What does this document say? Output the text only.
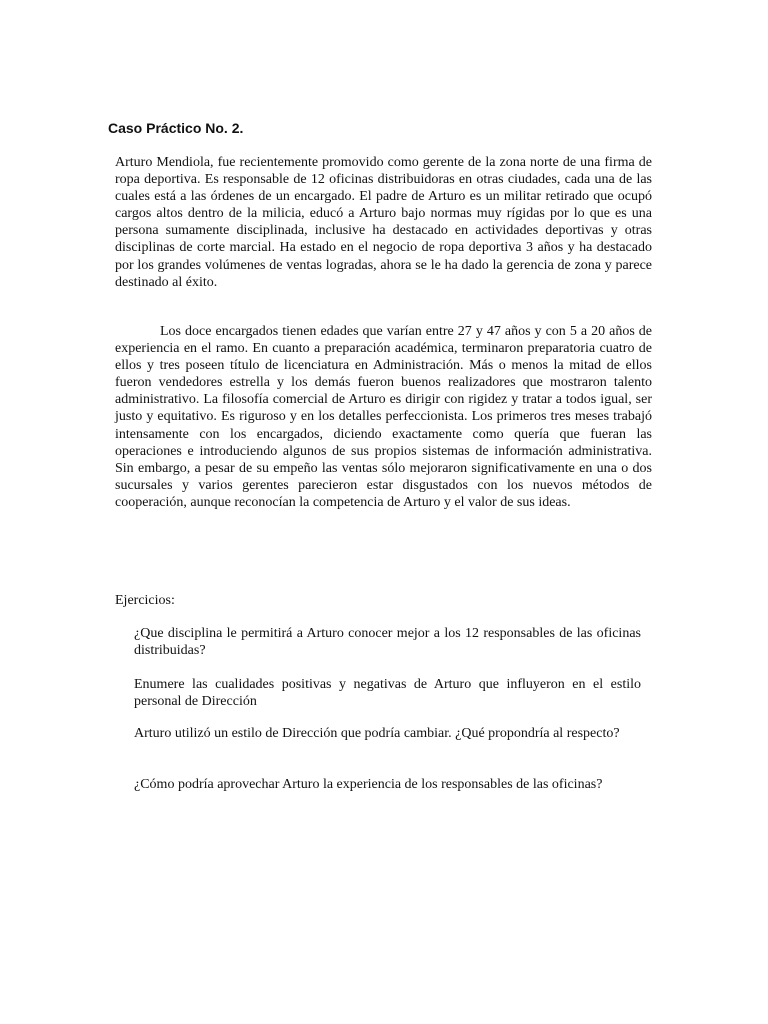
Caso Práctico No. 2.

Arturo Mendiola, fue recientemente promovido como gerente de la zona norte de una firma de ropa deportiva. Es responsable de 12 oficinas distribuidoras en otras ciudades, cada una de las cuales está a las órdenes de un encargado. El padre de Arturo es un militar retirado que ocupó cargos altos dentro de la milicia, educó a Arturo bajo normas muy rígidas por lo que es una persona sumamente disciplinada, inclusive ha destacado en actividades deportivas y otras disciplinas de corte marcial. Ha estado en el negocio de ropa deportiva 3 años y ha destacado por los grandes volúmenes de ventas logradas, ahora se le ha dado la gerencia de zona y parece destinado al éxito.

Los doce encargados tienen edades que varían entre 27 y 47 años y con 5 a 20 años de experiencia en el ramo. En cuanto a preparación académica, terminaron preparatoria cuatro de ellos y tres poseen título de licenciatura en Administración. Más o menos la mitad de ellos fueron vendedores estrella y los demás fueron buenos realizadores que mostraron talento administrativo. La filosofía comercial de Arturo es dirigir con rigidez y tratar a todos igual, ser justo y equitativo. Es riguroso y en los detalles perfeccionista. Los primeros tres meses trabajó intensamente con los encargados, diciendo exactamente como quería que fueran las operaciones e introduciendo algunos de sus propios sistemas de información administrativa. Sin embargo, a pesar de su empeño las ventas sólo mejoraron significativamente en una o dos sucursales y varios gerentes parecieron estar disgustados con los nuevos métodos de cooperación, aunque reconocían la competencia de Arturo y el valor de sus ideas.

Ejercicios:

¿Que disciplina le permitirá a Arturo conocer mejor a los 12 responsables de las oficinas distribuidas?

Enumere las cualidades positivas y negativas de Arturo que influyeron en el estilo personal de Dirección

Arturo utilizó un estilo de Dirección que podría cambiar. ¿Qué propondría al respecto?

¿Cómo podría aprovechar Arturo la experiencia de los responsables de las oficinas?
